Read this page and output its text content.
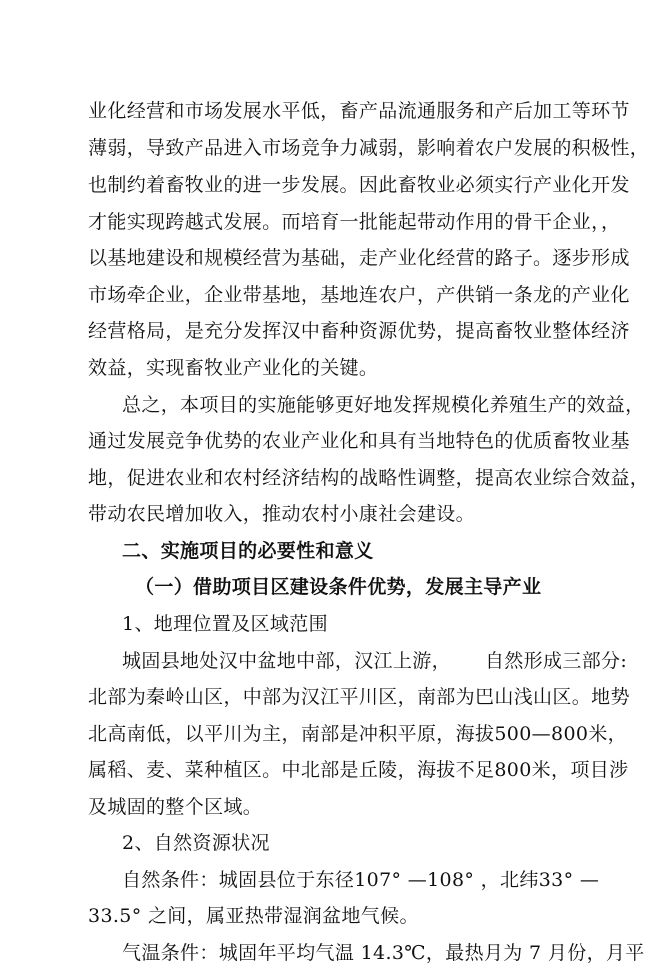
业化经营和市场发展水平低，畜产品流通服务和产后加工等环节
薄弱，导致产品进入市场竞争力减弱，影响着农户发展的积极性，
也制约着畜牧业的进一步发展。因此畜牧业必须实行产业化开发
才能实现跨越式发展。而培育一批能起带动作用的骨干企业，，
以基地建设和规模经营为基础，走产业化经营的路子。逐步形成
市场牵企业，企业带基地，基地连农户，产供销一条龙的产业化
经营格局，是充分发挥汉中畜种资源优势，提高畜牧业整体经济
效益，实现畜牧业产业化的关键。
总之，本项目的实施能够更好地发挥规模化养殖生产的效益，
通过发展竞争优势的农业产业化和具有当地特色的优质畜牧业基
地，促进农业和农村经济结构的战略性调整，提高农业综合效益，
带动农民增加收入，推动农村小康社会建设。
二、实施项目的必要性和意义
（一）借助项目区建设条件优势，发展主导产业
1、地理位置及区域范围
城固县地处汉中盆地中部，汉江上游， 自然形成三部分:
北部为秦岭山区，中部为汉江平川区，南部为巴山浅山区。地势
北高南低，以平川为主，南部是冲积平原，海拔500—800米，
属稻、麦、菜种植区。中北部是丘陵，海拔不足800米，项目涉
及城固的整个区域。
2、自然资源状况
自然条件：城固县位于东径107° —108° ，北纬33° —
33.5° 之间，属亚热带湿润盆地气候。
气温条件：城固年平均气温 14.3℃，最热月为 7 月份，月平
